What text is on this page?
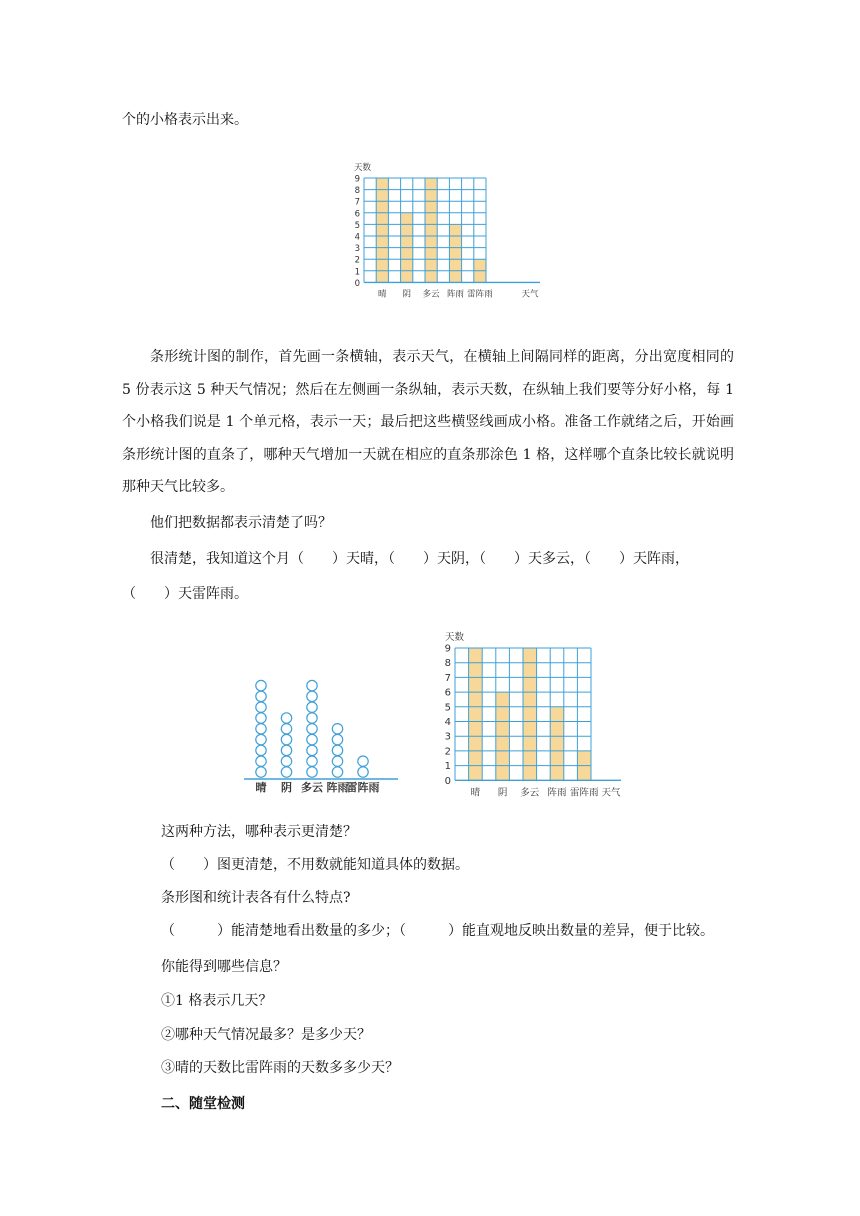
个的小格表示出来。

0
1
2
3
4
5
6
7
8
9
天数
晴 阴 多云 阵雨 雷阵雨	天气

条形统计图的制作，首先画一条横轴，表示天气，在横轴上间隔同样的距离，分出宽度相同的 5 份表示这 5 种天气情况；然后在左侧画一条纵轴，表示天数，在纵轴上我们要等分好小格，每 1 个小格我们说是 1 个单元格，表示一天；最后把这些横竖线画成小格。准备工作就绪之后，开始画条形统计图的直条了，哪种天气增加一天就在相应的直条那涂色 1 格，这样哪个直条比较长就说明那种天气比较多。

他们把数据都表示清楚了吗？

很清楚，我知道这个月（　　）天晴，（　　）天阴，（　　）天多云，（　　）天阵雨，

（　　）天雷阵雨。

晴 阴 多云 阵雨
雷阵雨	0
1
2
3
4
5
6
7
8
9
天数
晴 阴 多云 阵雨 雷阵雨 天气

这两种方法，哪种表示更清楚？

（　　）图更清楚，不用数就能知道具体的数据。

条形图和统计表各有什么特点?

（　　　）能清楚地看出数量的多少；（　　　）能直观地反映出数量的差异，便于比较。

你能得到哪些信息？

①1 格表示几天？

②哪种天气情况最多？是多少天？

③晴的天数比雷阵雨的天数多多少天？

二、随堂检测
